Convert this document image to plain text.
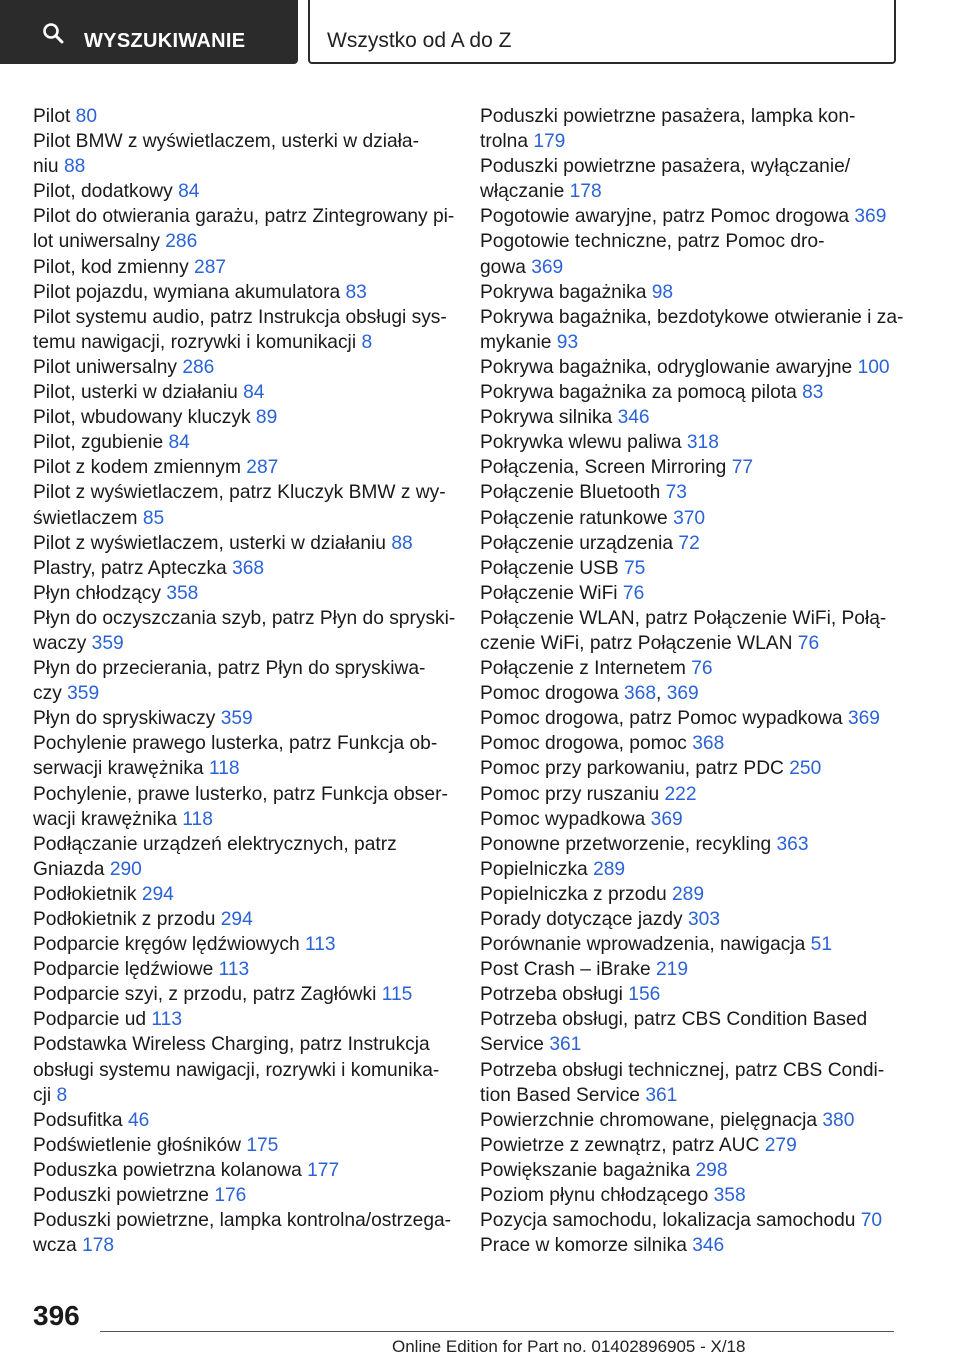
WYSZUKIWANIE	Wszystko od A do Z

Pilot 80

Pilot BMW z wyświetlaczem, usterki w działa-
niu 88

Pilot, dodatkowy 84

Pilot do otwierania garażu, patrz Zintegrowany pi-
lot uniwersalny 286

Pilot, kod zmienny 287

Pilot pojazdu, wymiana akumulatora 83

Pilot systemu audio, patrz Instrukcja obsługi sys-
temu nawigacji, rozrywki i komunikacji 8

Pilot uniwersalny 286

Pilot, usterki w działaniu 84

Pilot, wbudowany kluczyk 89

Pilot, zgubienie 84

Pilot z kodem zmiennym 287

Pilot z wyświetlaczem, patrz Kluczyk BMW z wy-
świetlaczem 85

Pilot z wyświetlaczem, usterki w działaniu 88

Plastry, patrz Apteczka 368

Płyn chłodzący 358

Płyn do oczyszczania szyb, patrz Płyn do spryski-
waczy 359

Płyn do przecierania, patrz Płyn do spryskiwa-
czy 359

Płyn do spryskiwaczy 359

Pochylenie prawego lusterka, patrz Funkcja ob-
serwacji krawężnika 118

Pochylenie, prawe lusterko, patrz Funkcja obser-
wacji krawężnika 118

Podłączanie urządzeń elektrycznych, patrz
Gniazda 290

Podłokietnik 294

Podłokietnik z przodu 294

Podparcie kręgów lędźwiowych 113

Podparcie lędźwiowe 113

Podparcie szyi, z przodu, patrz Zagłówki 115

Podparcie ud 113

Podstawka Wireless Charging, patrz Instrukcja
obsługi systemu nawigacji, rozrywki i komunika-
cji 8

Podsufitka 46

Podświetlenie głośników 175

Poduszka powietrzna kolanowa 177

Poduszki powietrzne 176

Poduszki powietrzne, lampka kontrolna/ostrzega-
wcza 178

Poduszki powietrzne pasażera, lampka kon-
trolna 179

Poduszki powietrzne pasażera, wyłączanie/
włączanie 178

Pogotowie awaryjne, patrz Pomoc drogowa 369

Pogotowie techniczne, patrz Pomoc dro-
gowa 369

Pokrywa bagażnika 98

Pokrywa bagażnika, bezdotykowe otwieranie i za-
mykanie 93

Pokrywa bagażnika, odryglowanie awaryjne 100

Pokrywa bagażnika za pomocą pilota 83

Pokrywa silnika 346

Pokrywka wlewu paliwa 318

Połączenia, Screen Mirroring 77

Połączenie Bluetooth 73

Połączenie ratunkowe 370

Połączenie urządzenia 72

Połączenie USB 75

Połączenie WiFi 76

Połączenie WLAN, patrz Połączenie WiFi, Połą-
czenie WiFi, patrz Połączenie WLAN 76

Połączenie z Internetem 76

Pomoc drogowa 368, 369

Pomoc drogowa, patrz Pomoc wypadkowa 369

Pomoc drogowa, pomoc 368

Pomoc przy parkowaniu, patrz PDC 250

Pomoc przy ruszaniu 222

Pomoc wypadkowa 369

Ponowne przetworzenie, recykling 363

Popielniczka 289

Popielniczka z przodu 289

Porady dotyczące jazdy 303

Porównanie wprowadzenia, nawigacja 51

Post Crash – iBrake 219

Potrzeba obsługi 156

Potrzeba obsługi, patrz CBS Condition Based
Service 361

Potrzeba obsługi technicznej, patrz CBS Condi-
tion Based Service 361

Powierzchnie chromowane, pielęgnacja 380

Powietrze z zewnątrz, patrz AUC 279

Powiększanie bagażnika 298

Poziom płynu chłodzącego 358

Pozycja samochodu, lokalizacja samochodu 70

Prace w komorze silnika 346

396
Online Edition for Part no. 01402896905 - X/18
